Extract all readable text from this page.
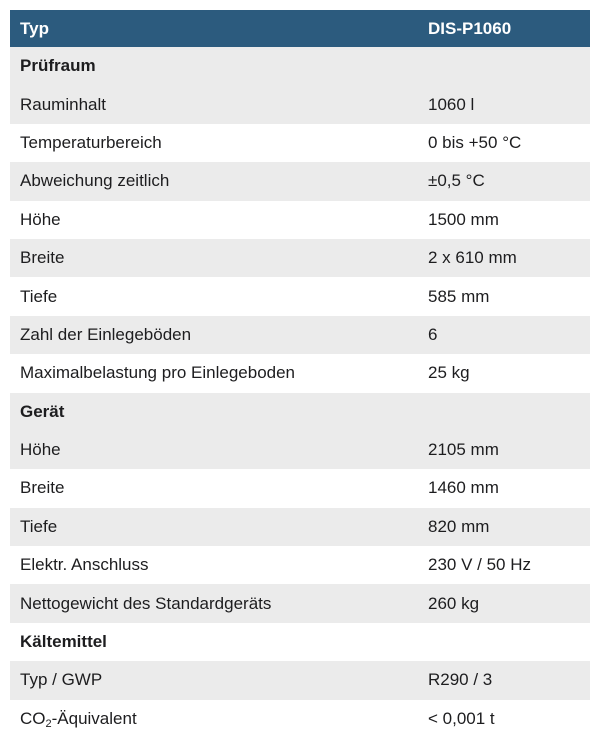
Typ	DIS-P1060
Prüfraum
Rauminhalt	1060 l
Temperaturbereich	0 bis +50 °C
Abweichung zeitlich	±0,5 °C
Höhe	1500 mm
Breite	2 x 610 mm
Tiefe	585 mm
Zahl der Einlegeböden	6
Maximalbelastung pro Einlegeboden	25 kg
Gerät
Höhe	2105 mm
Breite	1460 mm
Tiefe	820 mm
Elektr. Anschluss	230 V / 50 Hz
Nettogewicht des Standardgeräts	260 kg
Kältemittel
Typ / GWP	R290 / 3
$CO_2$-Äquivalent	< 0,001 t
